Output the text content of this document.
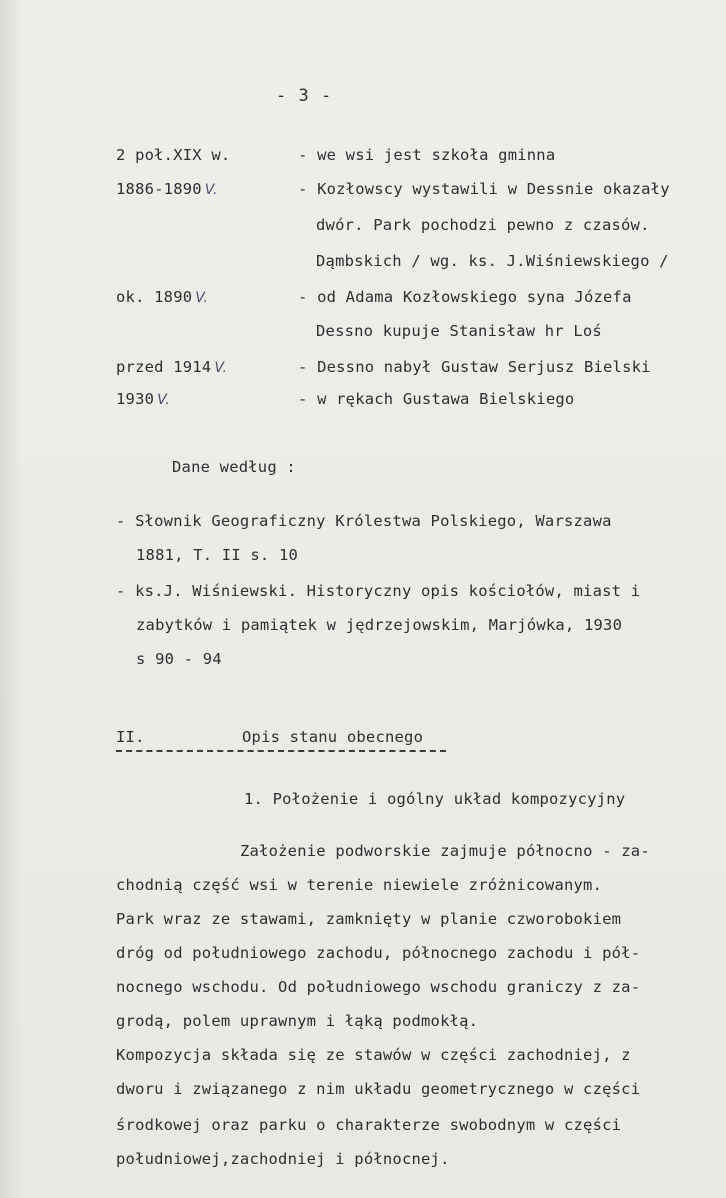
- 3 -
2 poł.XIX w.	- we wsi jest szkoła gminna
1886-1890 V.	- Kozłowscy wystawili w Dessnie okazały
dwór. Park pochodzi pewno z czasów.
Dąmbskich / wg. ks. J.Wiśniewskiego /
ok. 1890 V.	- od Adama Kozłowskiego syna Józefa
Dessno kupuje Stanisław hr Loś
przed 1914 V.	- Dessno nabył Gustaw Serjusz Bielski
1930 V.	- w rękach Gustawa Bielskiego
Dane według :
- Słownik Geograficzny Królestwa Polskiego, Warszawa
1881, T. II s. 10
- ks.J. Wiśniewski. Historyczny opis kościołów, miast i
zabytków i pamiątek w jędrzejowskim, Marjówka, 1930
s 90 - 94
II.	Opis stanu obecnego
1. Położenie i ogólny układ kompozycyjny
Założenie podworskie zajmuje północno - za-
chodnią część wsi w terenie niewiele zróżnicowanym.
Park wraz ze stawami, zamknięty w planie czworobokiem
dróg od południowego zachodu, północnego zachodu i pół-
nocnego wschodu. Od południowego wschodu graniczy z za-
grodą, polem uprawnym i łąką podmokłą.
Kompozycja składa się ze stawów w części zachodniej, z
dworu i związanego z nim układu geometrycznego w części
środkowej oraz parku o charakterze swobodnym w części
południowej,zachodniej i północnej.
